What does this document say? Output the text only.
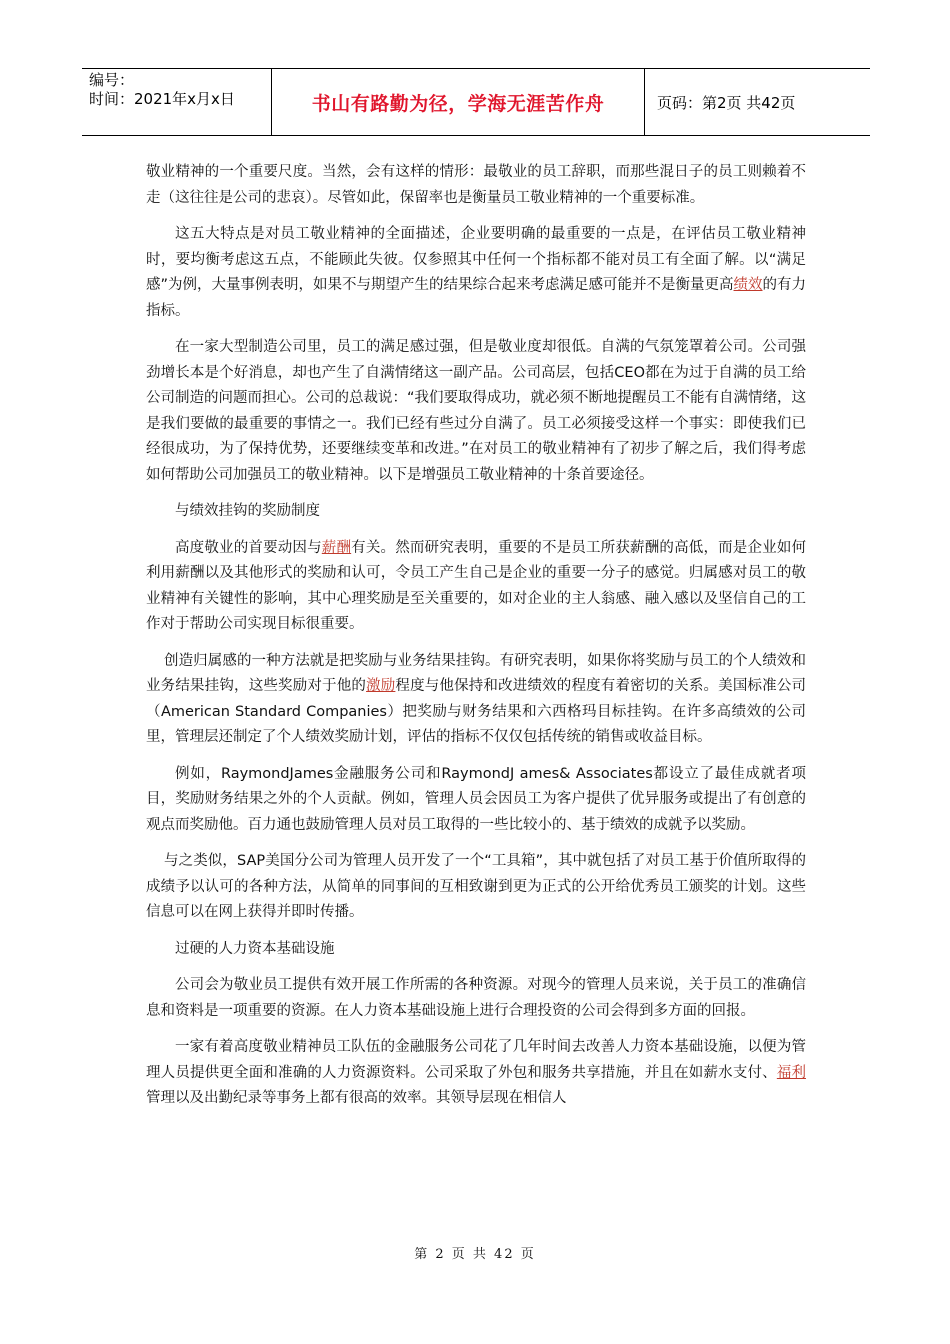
编号：
时间：2021年x月x日	书山有路勤为径，学海无涯苦作舟	页码：第2页 共42页

敬业精神的一个重要尺度。当然，会有这样的情形：最敬业的员工辞职，而那些混日子的员工则赖着不走（这往往是公司的悲哀）。尽管如此，保留率也是衡量员工敬业精神的一个重要标准。

这五大特点是对员工敬业精神的全面描述，企业要明确的最重要的一点是，在评估员工敬业精神时，要均衡考虑这五点，不能顾此失彼。仅参照其中任何一个指标都不能对员工有全面了解。以“满足感”为例，大量事例表明，如果不与期望产生的结果综合起来考虑满足感可能并不是衡量更高绩效的有力指标。

在一家大型制造公司里，员工的满足感过强，但是敬业度却很低。自满的气氛笼罩着公司。公司强劲增长本是个好消息，却也产生了自满情绪这一副产品。公司高层，包括CEO都在为过于自满的员工给公司制造的问题而担心。公司的总裁说：“我们要取得成功，就必须不断地提醒员工不能有自满情绪，这是我们要做的最重要的事情之一。我们已经有些过分自满了。员工必须接受这样一个事实：即使我们已经很成功，为了保持优势，还要继续变革和改进。”在对员工的敬业精神有了初步了解之后，我们得考虑如何帮助公司加强员工的敬业精神。以下是增强员工敬业精神的十条首要途径。

与绩效挂钩的奖励制度

高度敬业的首要动因与薪酬有关。然而研究表明，重要的不是员工所获薪酬的高低，而是企业如何利用薪酬以及其他形式的奖励和认可，令员工产生自己是企业的重要一分子的感觉。归属感对员工的敬业精神有关键性的影响，其中心理奖励是至关重要的，如对企业的主人翁感、融入感以及坚信自己的工作对于帮助公司实现目标很重要。

创造归属感的一种方法就是把奖励与业务结果挂钩。有研究表明，如果你将奖励与员工的个人绩效和业务结果挂钩，这些奖励对于他的激励程度与他保持和改进绩效的程度有着密切的关系。美国标准公司（American Standard Companies）把奖励与财务结果和六西格玛目标挂钩。在许多高绩效的公司里，管理层还制定了个人绩效奖励计划，评估的指标不仅仅包括传统的销售或收益目标。

例如，RaymondJames金融服务公司和RaymondJ ames& Associates都设立了最佳成就者项目，奖励财务结果之外的个人贡献。例如，管理人员会因员工为客户提供了优异服务或提出了有创意的观点而奖励他。百力通也鼓励管理人员对员工取得的一些比较小的、基于绩效的成就予以奖励。

与之类似，SAP美国分公司为管理人员开发了一个“工具箱”，其中就包括了对员工基于价值所取得的成绩予以认可的各种方法，从简单的同事间的互相致谢到更为正式的公开给优秀员工颁奖的计划。这些信息可以在网上获得并即时传播。

过硬的人力资本基础设施

公司会为敬业员工提供有效开展工作所需的各种资源。对现今的管理人员来说，关于员工的准确信息和资料是一项重要的资源。在人力资本基础设施上进行合理投资的公司会得到多方面的回报。

一家有着高度敬业精神员工队伍的金融服务公司花了几年时间去改善人力资本基础设施，以便为管理人员提供更全面和准确的人力资源资料。公司采取了外包和服务共享措施，并且在如薪水支付、福利管理以及出勤纪录等事务上都有很高的效率。其领导层现在相信人

第 2 页 共 42 页
